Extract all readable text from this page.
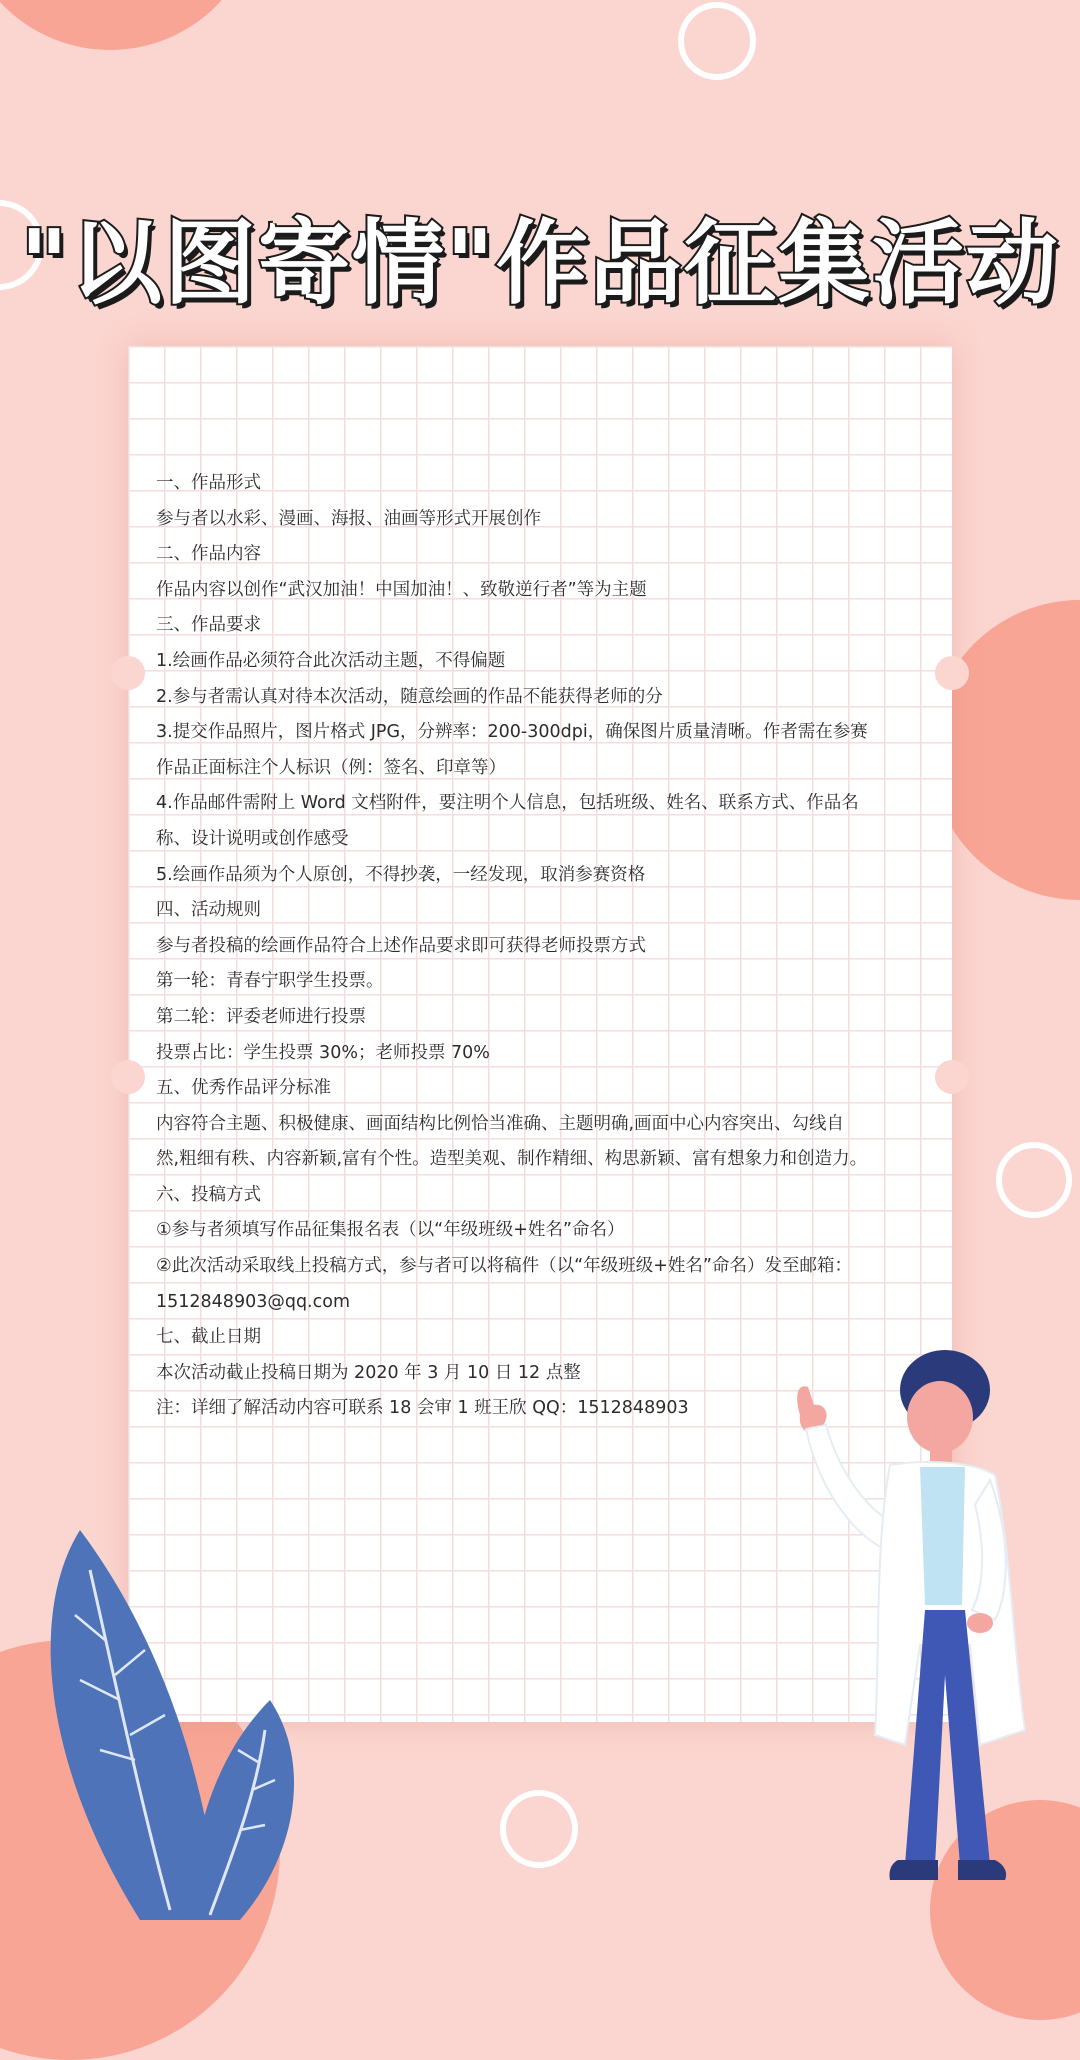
"以图寄情"作品征集活动
一、作品形式
参与者以水彩、漫画、海报、油画等形式开展创作
二、作品内容
作品内容以创作“武汉加油！中国加油！、致敬逆行者”等为主题
三、作品要求
1.绘画作品必须符合此次活动主题，不得偏题
2.参与者需认真对待本次活动，随意绘画的作品不能获得老师的分
3.提交作品照片，图片格式 JPG，分辨率：200-300dpi，确保图片质量清晰。作者需在参赛
作品正面标注个人标识（例：签名、印章等）
4.作品邮件需附上 Word 文档附件，要注明个人信息，包括班级、姓名、联系方式、作品名
称、设计说明或创作感受
5.绘画作品须为个人原创，不得抄袭，一经发现，取消参赛资格
四、活动规则
参与者投稿的绘画作品符合上述作品要求即可获得老师投票方式
第一轮：青春宁职学生投票。
第二轮：评委老师进行投票
投票占比：学生投票 30%；老师投票 70%
五、优秀作品评分标准
内容符合主题、积极健康、画面结构比例恰当准确、主题明确,画面中心内容突出、勾线自
然,粗细有秩、内容新颖,富有个性。造型美观、制作精细、构思新颖、富有想象力和创造力。
六、投稿方式
①参与者须填写作品征集报名表（以“年级班级+姓名”命名）
②此次活动采取线上投稿方式，参与者可以将稿件（以“年级班级+姓名”命名）发至邮箱：
1512848903@qq.com
七、截止日期
本次活动截止投稿日期为 2020 年 3 月 10 日 12 点整
注：详细了解活动内容可联系 18 会审 1 班王欣 QQ：1512848903
